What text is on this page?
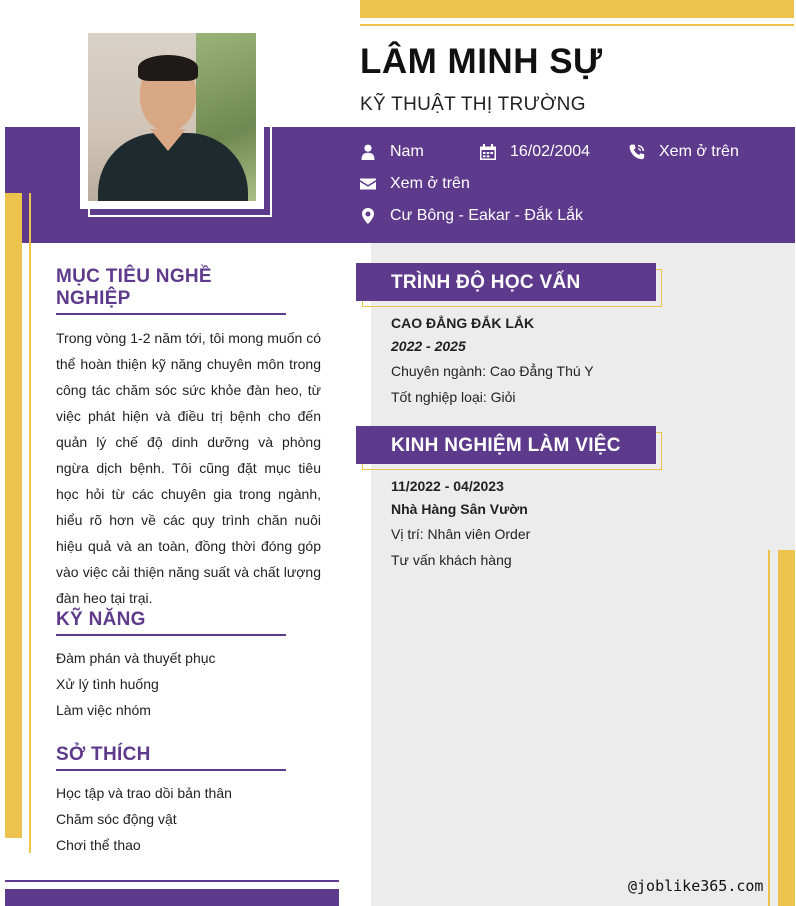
LÂM MINH SỰ
KỸ THUẬT THỊ TRƯỜNG
Nam	16/02/2004	Xem ở trên
Xem ở trên
Cư Bông - Eakar - Đắk Lắk
MỤC TIÊU NGHỀ NGHIỆP

Trong vòng 1-2 năm tới, tôi mong muốn có thể hoàn thiện kỹ năng chuyên môn trong công tác chăm sóc sức khỏe đàn heo, từ việc phát hiện và điều trị bệnh cho đến quản lý chế độ dinh dưỡng và phòng ngừa dịch bệnh. Tôi cũng đặt mục tiêu học hỏi từ các chuyên gia trong ngành, hiểu rõ hơn về các quy trình chăn nuôi hiệu quả và an toàn, đồng thời đóng góp vào việc cải thiện năng suất và chất lượng đàn heo tại trại.

KỸ NĂNG
Đàm phán và thuyết phục
Xử lý tình huống
Làm việc nhóm
SỞ THÍCH
Học tập và trao dồi bản thân
Chăm sóc động vật
Chơi thể thao
TRÌNH ĐỘ HỌC VẤN
CAO ĐẲNG ĐẮK LẮK
2022 - 2025
Chuyên ngành: Cao Đẳng Thú Y
Tốt nghiệp loại: Giỏi
KINH NGHIỆM LÀM VIỆC
11/2022 - 04/2023
Nhà Hàng Sân Vườn
Vị trí: Nhân viên Order
Tư vấn khách hàng
@joblike365.com
